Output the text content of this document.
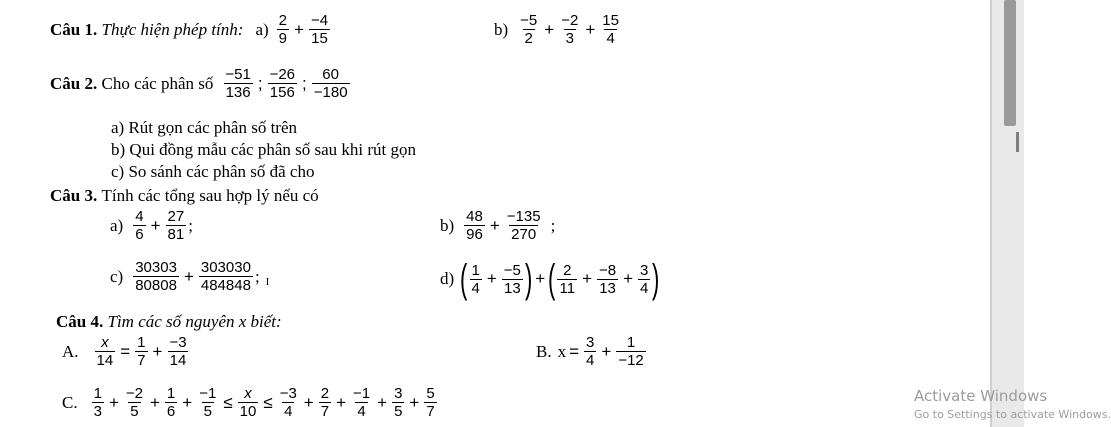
Câu 1.
Thực hiện phép tính: $a) \frac{2}{9} + \frac{-4}{15}$	$b) \frac{-5}{2} + \frac{-2}{3} + \frac{15}{4}$
Câu 2.
Cho các phân số $\frac{-51}{136}$ ; $\frac{-26}{156}$ ; $\frac{60}{-180}$
a) Rút gọn các phân số trên
b) Qui đồng mẫu các phân số sau khi rút gọn
c) So sánh các phân số đã cho
Câu 3.
Tính các tổng sau hợp lý nếu có
$a) \frac{4}{6} + \frac{27}{81}$ ;	$b) \frac{48}{96} + \frac{-135}{270}$ ;
$c) \frac{30303}{80808} + \frac{303030}{484848}$ ; I	d) ( $\frac{1}{4} + \frac{-5}{13}$ ) + ( $\frac{2}{11} + \frac{-8}{13} + \frac{3}{4}$ )
Câu 4.
Tìm các số nguyên x biết:
A. $\frac{x}{14} = \frac{1}{7} + \frac{-3}{14}$	B. $x = \frac{3}{4} + \frac{1}{-12}$
C. $\frac{1}{3} + \frac{-2}{5} + \frac{1}{6} + \frac{-1}{5} \le \frac{x}{10} \le \frac{-3}{4} + \frac{2}{7} + \frac{-1}{4} + \frac{3}{5} + \frac{5}{7}$	Activate Windows
Go to Settings to activate Windows.
